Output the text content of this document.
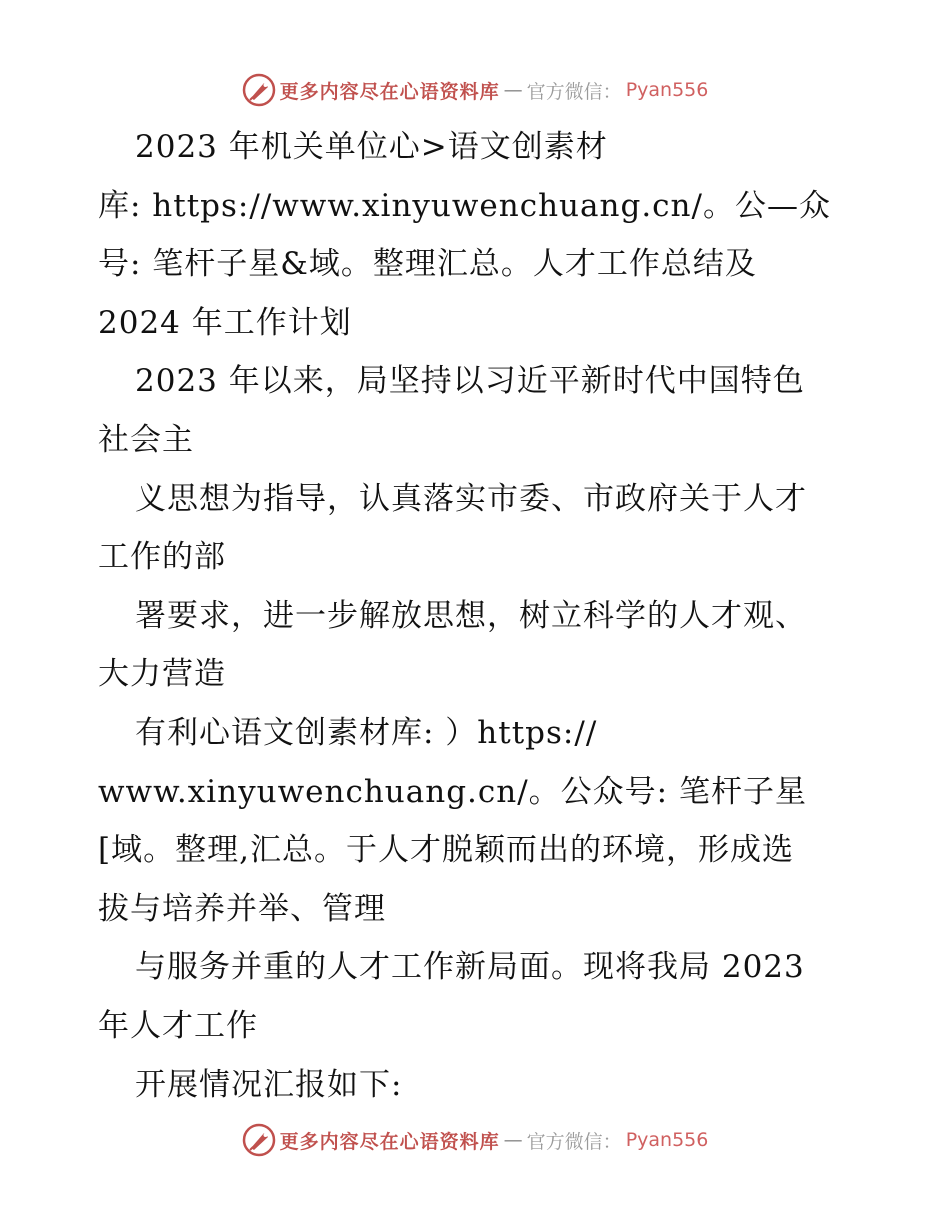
更多内容尽在心语资料库 — 官方微信： Pyan556
2023 年机关单位心>语文创素材
库: https://www.xinyuwenchuang.cn/。公—众
号: 笔杆子星&域。整理汇总。人才工作总结及
2024 年工作计划
2023 年以来，局坚持以习近平新时代中国特色
社会主
义思想为指导，认真落实市委、市政府关于人才
工作的部
署要求，进一步解放思想，树立科学的人才观、
大力营造
有利心语文创素材库: ）https://
www.xinyuwenchuang.cn/。公众号: 笔杆子星
[域。整理,汇总。于人才脱颖而出的环境，形成选
拔与培养并举、管理
与服务并重的人才工作新局面。现将我局 2023
年人才工作
开展情况汇报如下:
更多内容尽在心语资料库 — 官方微信： Pyan556
